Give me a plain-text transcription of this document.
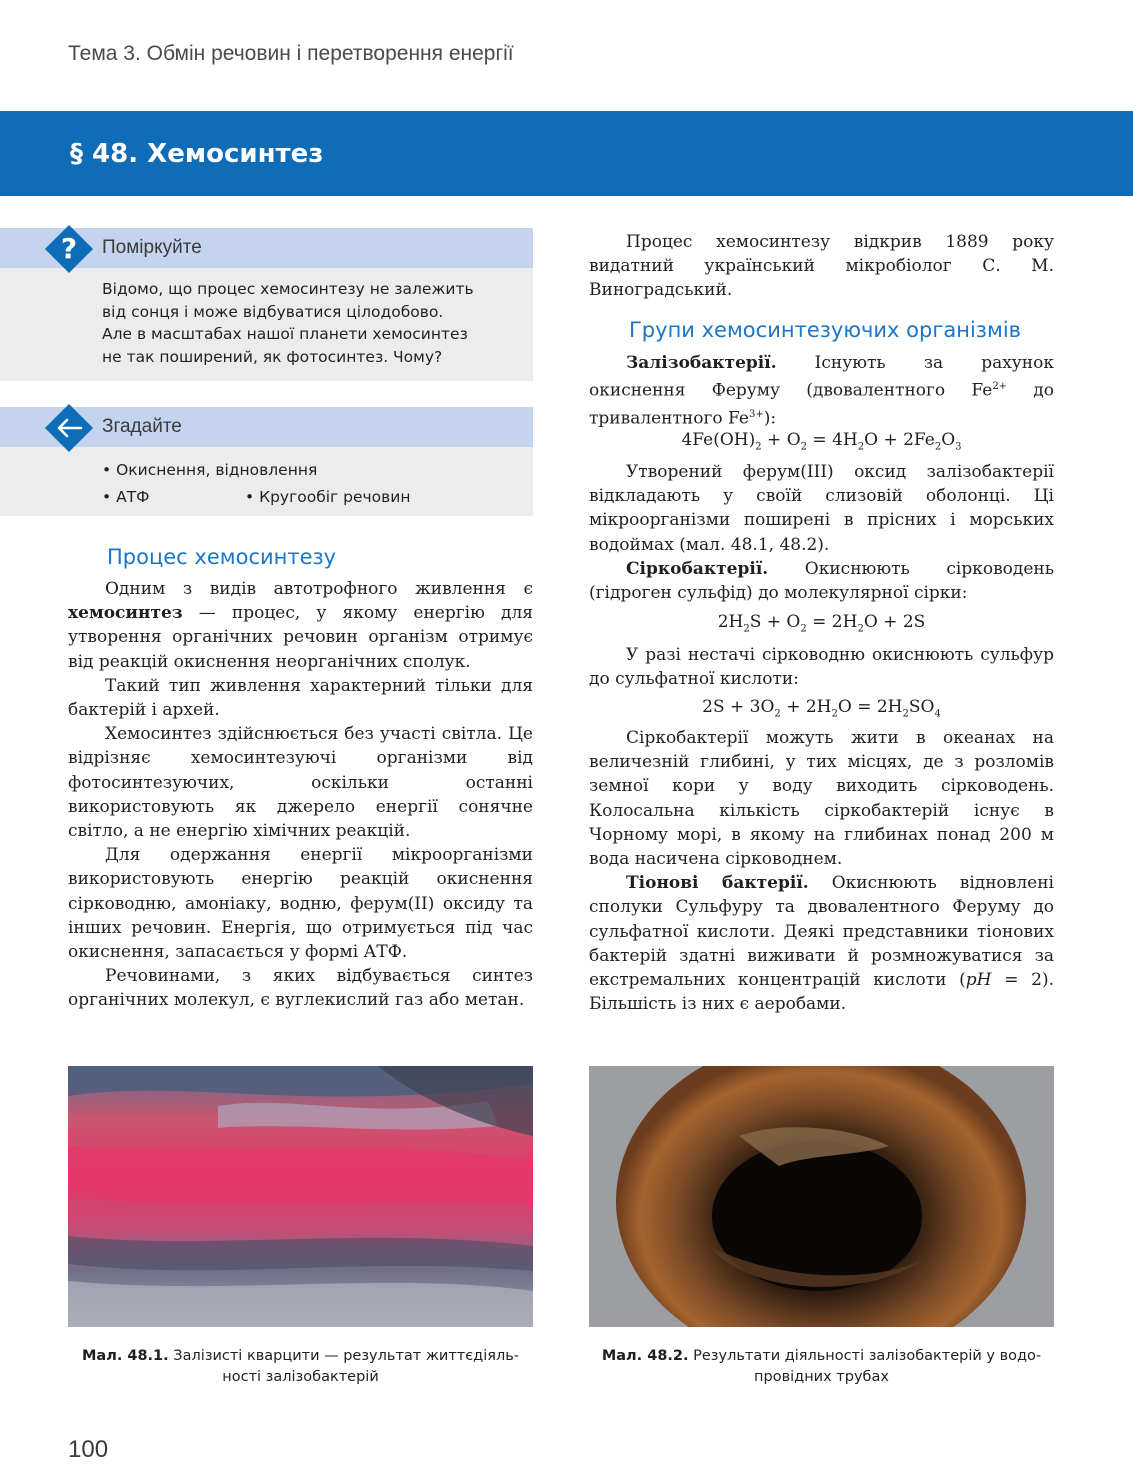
Тема 3. Обмін речовин і перетворення енергії
§ 48. Хемосинтез
?	Поміркуйте
Відомо, що процес хемосинтезу не залежить
від сонця і може відбуватися цілодобово.
Але в масштабах нашої планети хемосинтез
не так поширений, як фотосинтез. Чому?
Згадайте
• Окиснення, відновлення
• АТФ	• Кругообіг речовин
Процес хемосинтезу

Одним з видів автотрофного живлення є хемосинтез — процес, у якому енергію для утворення органічних речовин організм отримує від реакцій окиснення неорганічних сполук.

Такий тип живлення характерний тільки для бактерій і архей.

Хемосинтез здійснюється без участі світла. Це відрізняє хемосинтезуючі організми від фотосинтезуючих, оскільки останні використовують як джерело енергії сонячне світло, а не енергію хімічних реакцій.

Для одержання енергії мікроорганізми використовують енергію реакцій окиснення сірководню, амоніаку, водню, ферум(ІІ) оксиду та інших речовин. Енергія, що отримується під час окиснення, запасається у формі АТФ.

Речовинами, з яких відбувається синтез органічних молекул, є вуглекислий газ або метан.

Процес хемосинтезу відкрив 1889 року видатний український мікробіолог С. М. Виноградський.

Групи хемосинтезуючих організмів

Залізобактерії. Існують за рахунок окиснення Феруму (двовалентного $Fe^{2+}$ до тривалентного $Fe^{3+}$):

$4Fe(OH)_2 + O_2 = 4H_2O + 2Fe_2O_3$

Утворений ферум(ІІІ) оксид залізобактерії відкладають у своїй слизовій оболонці. Ці мікроорганізми поширені в прісних і морських водоймах (мал. 48.1, 48.2).

Сіркобактерії. Окиснюють сірководень (гідроген сульфід) до молекулярної сірки:

$2H_2S + O_2 = 2H_2O + 2S$

У разі нестачі сірководню окиснюють сульфур до сульфатної кислоти:

$2S + 3O_2 + 2H_2O = 2H_2SO_4$

Сіркобактерії можуть жити в океанах на величезній глибині, у тих місцях, де з розломів земної кори у воду виходить сірководень. Колосальна кількість сіркобактерій існує в Чорному морі, в якому на глибинах понад 200 м вода насичена сірководнем.

Тіонові бактерії. Окиснюють відновлені сполуки Сульфуру та двовалентного Феруму до сульфатної кислоти. Деякі представники тіонових бактерій здатні виживати й розмножуватися за екстремальних концентрацій кислоти (pH = 2). Більшість із них є аеробами.

Мал. 48.1. Залізисті кварцити — результат життєдіяль-
ності залізобактерій
Мал. 48.2. Результати діяльності залізобактерій у водо-
провідних трубах
100
